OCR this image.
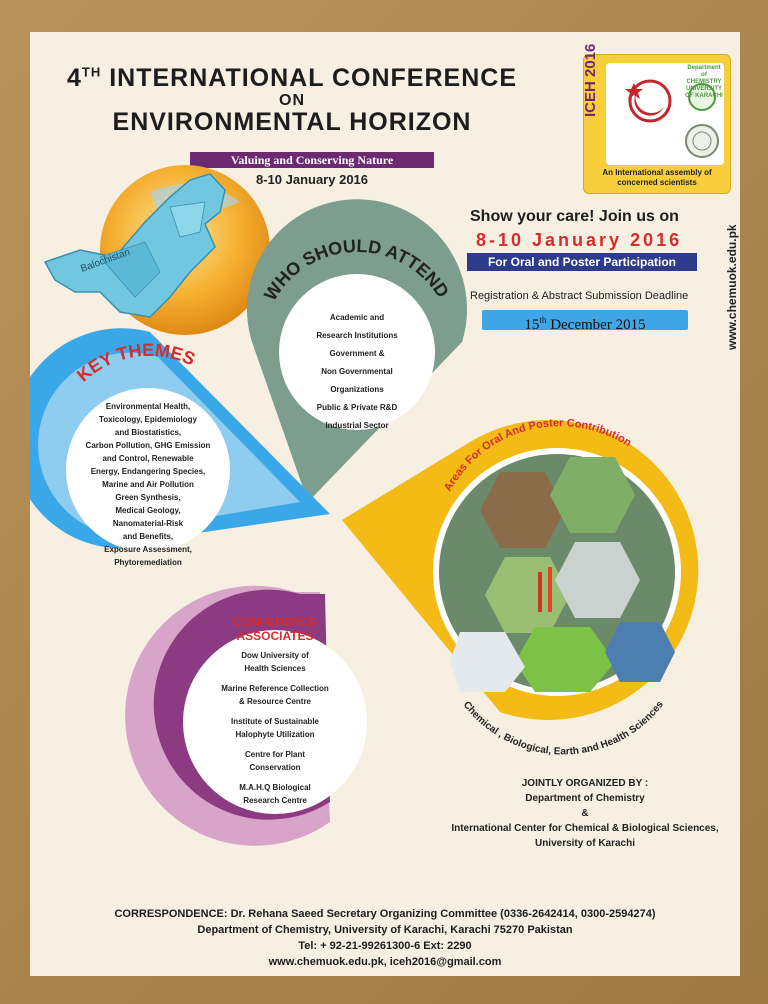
4TH INTERNATIONAL CONFERENCE
ON
ENVIRONMENTAL HORIZON
Valuing and Conserving Nature
8-10 January 2016
Department of CHEMISTRY UNIVERSITY OF KARACHI
ICEH 2016
An International assembly of concerned scientists
Balochistan
Show your care! Join us on
8-10 January 2016
For Oral and Poster Participation
Registration & Abstract Submission Deadline
15th December 2015	www.chemuok.edu.pk
WHO SHOULD ATTEND
KEY THEMES
Areas For Oral And Poster Contribution
Chemical , Biological, Earth and Health Sciences
Academic and
Research Institutions
Government &
Non Governmental
Organizations
Public & Private R&D
Industrial Sector
Environmental Health,
Toxicology, Epidemiology
and Biostatistics,
Carbon Pollution, GHG Emission
and Control, Renewable
Energy, Endangering Species,
Marine and Air Pollution
Green Synthesis,
Medical Geology,
Nanomaterial-Risk
and Benefits,
Exposure Assessment,
Phytoremediation
CONFERENCE
ASSOCIATES
Dow University of
Health Sciences
Marine Reference Collection
& Resource Centre
Institute of Sustainable
Halophyte Utilization
Centre for Plant
Conservation
M.A.H.Q Biological
Research Centre
JOINTLY ORGANIZED BY :
Department of Chemistry
&
International Center for Chemical & Biological Sciences,
University of Karachi
CORRESPONDENCE: Dr. Rehana Saeed Secretary Organizing Committee (0336-2642414, 0300-2594274)
Department of Chemistry, University of Karachi, Karachi 75270 Pakistan
Tel: + 92-21-99261300-6 Ext: 2290
www.chemuok.edu.pk, iceh2016@gmail.com
